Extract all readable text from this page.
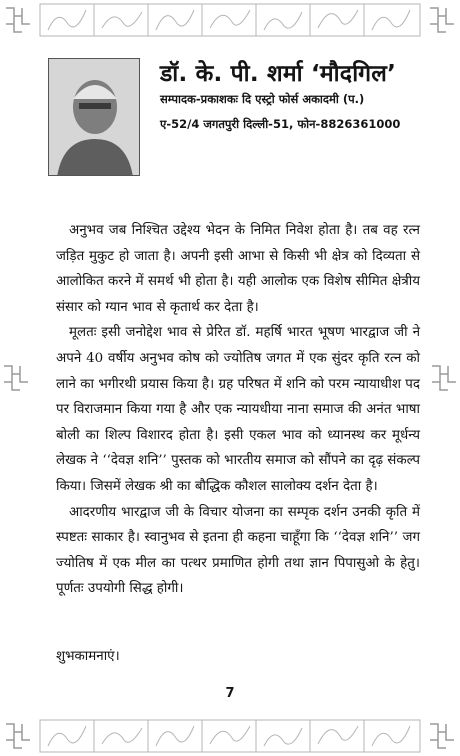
डॉ. के. पी. शर्मा ‘मौदगिल’
सम्पादक-प्रकाशकः दि एस्ट्रो फोर्स अकादमी (प.)
ए-52/4 जगतपुरी दिल्ली-51, फोन-8826361000

अनुभव जब निश्चित उद्देश्य भेदन के निमित निवेश होता है। तब वह रत्न जड़ित मुकुट हो जाता है। अपनी इसी आभा से किसी भी क्षेत्र को दिव्यता से आलोकित करने में समर्थ भी होता है। यही आलोक एक विशेष सीमित क्षेत्रीय संसार को ग्यान भाव से कृतार्थ कर देता है।

मूलतः इसी जनोद्देश भाव से प्रेरित डॉ. महर्षि भारत भूषण भारद्वाज जी ने अपने 40 वर्षीय अनुभव कोष को ज्योतिष जगत में एक सुंदर कृति रत्न को लाने का भगीरथी प्रयास किया है। ग्रह परिषत में शनि को परम न्यायाधीश पद पर विराजमान किया गया है और एक न्यायधीया नाना समाज की अनंत भाषा बोली का शिल्प विशारद होता है। इसी एकल भाव को ध्यानस्थ कर मूर्धन्य लेखक ने ‘‘देवज्ञ शनि’’ पुस्तक को भारतीय समाज को सौंपने का दृढ़ संकल्प किया। जिसमें लेखक श्री का बौद्धिक कौशल सालोक्य दर्शन देता है।

आदरणीय भारद्वाज जी के विचार योजना का सम्पृक दर्शन उनकी कृति में स्पष्टतः साकार है। स्वानुभव से इतना ही कहना चाहूँगा कि ‘‘देवज्ञ शनि’’ जग ज्योतिष में एक मील का पत्थर प्रमाणित होगी तथा ज्ञान पिपासुओ के हेतु। पूर्णतः उपयोगी सिद्ध होगी।

शुभकामनाएं।
7
